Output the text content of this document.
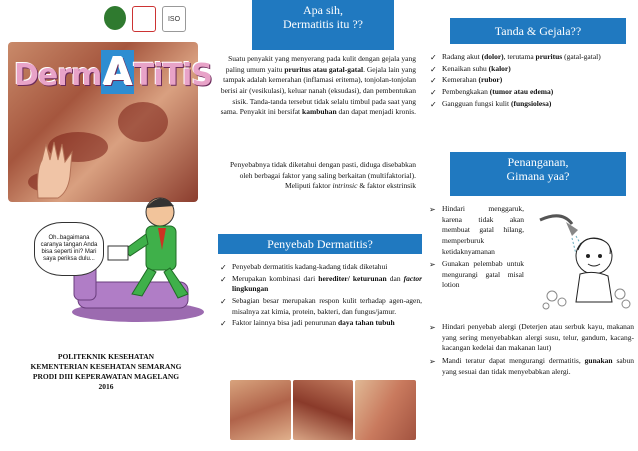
ISO
DermATiTiS
Oh..bagaimana caranya tangan Anda bisa seperti ini? Mari saya periksa dulu...
POLITEKNIK KESEHATAN
KEMENTERIAN KESEHATAN SEMARANG
PRODI DIII KEPERAWATAN MAGELANG
2016
Apa sih,
Dermatitis itu ??
Suatu penyakit yang menyerang pada kulit dengan gejala yang paling umum yaitu pruritus atau gatal-gatal. Gejala lain yang tampak adalah kemerahan (inflamasi eritema), tonjolan-tonjolan berisi air (vesikulasi), keluar nanah (eksudasi), dan pembentukan sisik. Tanda-tanda tersebut tidak selalu timbul pada saat yang sama. Penyakit ini bersifat kambuhan dan dapat menjadi kronis.
Penyebabnya tidak diketahui dengan pasti, diduga disebabkan oleh berbagai faktor yang saling berkaitan (multifaktorial). Meliputi faktor intrinsic & faktor ekstrinsik
Penyebab Dermatitis?
✓ Penyebab dermatitis kadang-kadang tidak diketahui
✓ Merupakan kombinasi dari herediter/ keturunan dan factor lingkungan
✓ Sebagian besar merupakan respon kulit terhadap agen-agen, misalnya zat kimia, protein, bakteri, dan fungus/jamur.
✓ Faktor lainnya bisa jadi penurunan daya tahan tubuh
Tanda & Gejala??
✓ Radang akut (dolor), terutama pruritus (gatal-gatal)
✓ Kenaikan suhu (kalor)
✓ Kemerahan (rubor)
✓ Pembengkakan (tumor atau edema)
✓ Gangguan fungsi kulit (fungsiolesa)
Penanganan,
Gimana yaa?
➢ Hindari menggaruk, karena tidak akan membuat gatal hilang, memperburuk ketidaknyamanan
➢ Gunakan pelembab untuk mengurangi gatal misal lotion
➢ Hindari penyebab alergi (Deterjen atau serbuk kayu, makanan yang sering menyebabkan alergi susu, telur, gandum, kacang-kacangan kedelai dan makanan laut)
➢ Mandi teratur dapat mengurangi dermatitis, gunakan sabun yang sesuai dan tidak menyebabkan alergi.
